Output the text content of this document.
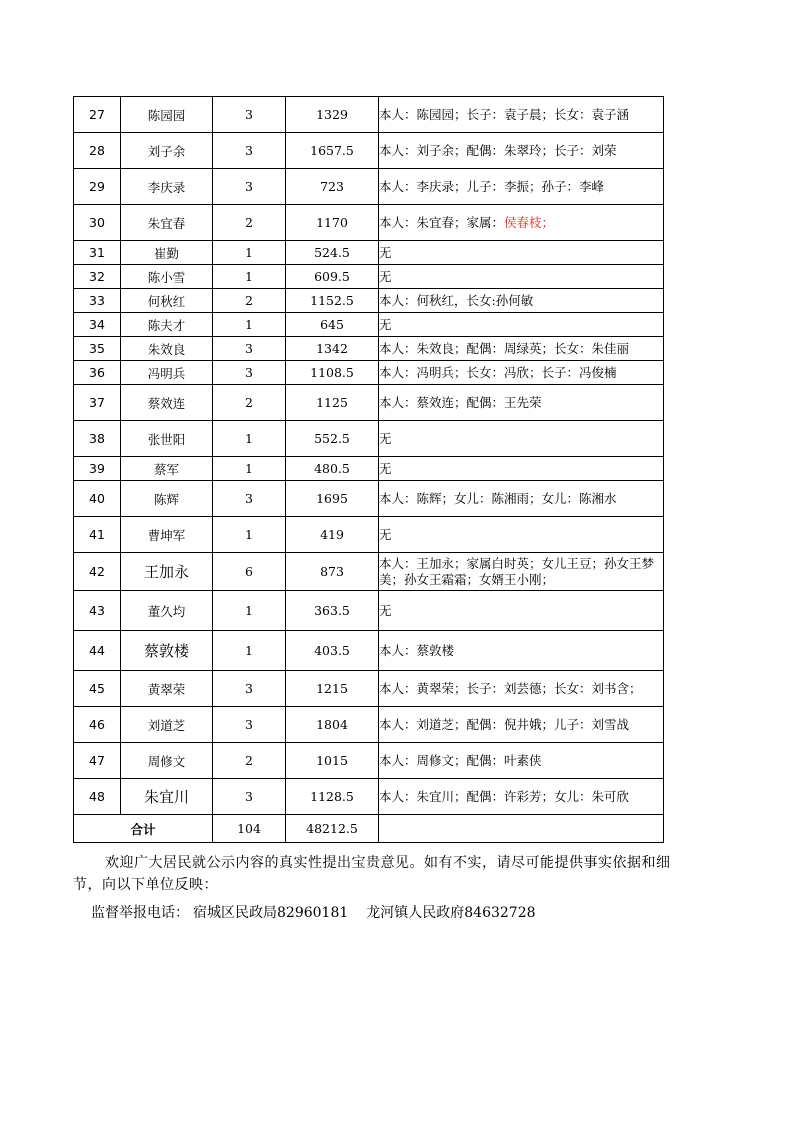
27	陈园园	3	1329	本人：陈园园；长子：袁子晨；长女：袁子涵
28	刘子余	3	1657.5	本人：刘子余；配偶：朱翠玲；长子：刘荣
29	李庆录	3	723	本人：李庆录；儿子：李振；孙子：李峰
30	朱宜春	2	1170	本人：朱宜春；家属：侯春枝；
31	崔勤	1	524.5	无
32	陈小雪	1	609.5	无
33	何秋红	2	1152.5	本人：何秋红，长女:孙何敏
34	陈夫才	1	645	无
35	朱效良	3	1342	本人：朱效良；配偶：周绿英；长女：朱佳丽
36	冯明兵	3	1108.5	本人：冯明兵；长女：冯欣；长子：冯俊楠
37	蔡效连	2	1125	本人：蔡效连；配偶：王先荣
38	张世阳	1	552.5	无
39	蔡军	1	480.5	无
40	陈辉	3	1695	本人：陈辉；女儿：陈湘雨；女儿：陈湘水
41	曹坤军	1	419	无
42	王加永	6	873	本人：王加永；家属白时英；女儿王豆；孙女王梦美；孙女王霜霜；女婿王小刚；
43	董久均	1	363.5	无
44	蔡敦楼	1	403.5	本人：蔡敦楼
45	黄翠荣	3	1215	本人：黄翠荣；长子：刘芸德；长女：刘书含；
46	刘道芝	3	1804	本人：刘道芝；配偶：倪井娥；儿子：刘雪战
47	周修文	2	1015	本人：周修文；配偶：叶素侠
48	朱宜川	3	1128.5	本人：朱宜川；配偶：许彩芳；女儿：朱可欣
合计		104	48212.5	

欢迎广大居民就公示内容的真实性提出宝贵意见。如有不实，请尽可能提供事实依据和细节，向以下单位反映：

监督举报电话： 宿城区民政局82960181 龙河镇人民政府84632728
